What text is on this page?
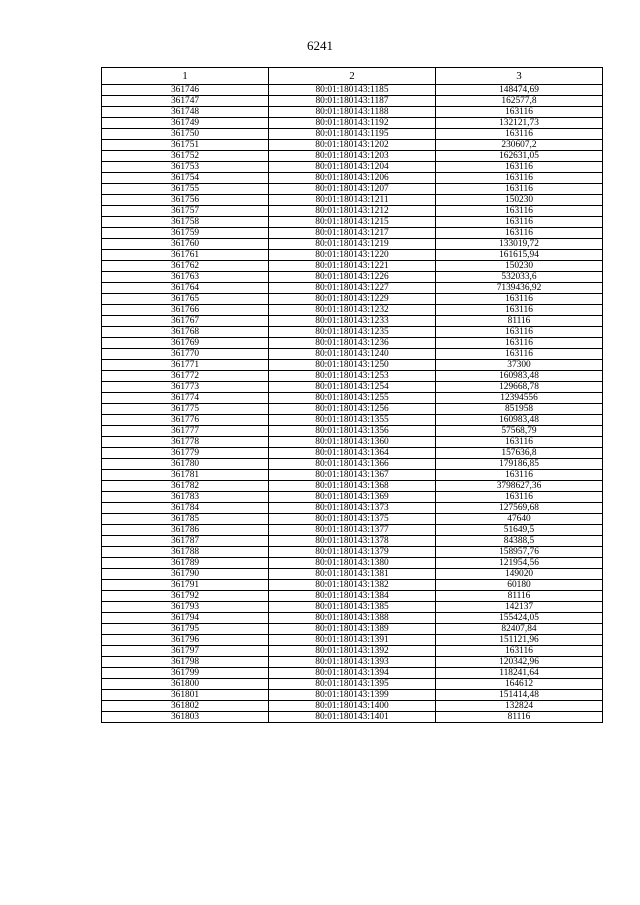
6241
1	2	3
361746	80:01:180143:1185	148474,69
361747	80:01:180143:1187	162577,8
361748	80:01:180143:1188	163116
361749	80:01:180143:1192	132121,73
361750	80:01:180143:1195	163116
361751	80:01:180143:1202	230607,2
361752	80:01:180143:1203	162631,05
361753	80:01:180143:1204	163116
361754	80:01:180143:1206	163116
361755	80:01:180143:1207	163116
361756	80:01:180143:1211	150230
361757	80:01:180143:1212	163116
361758	80:01:180143:1215	163116
361759	80:01:180143:1217	163116
361760	80:01:180143:1219	133019,72
361761	80:01:180143:1220	161615,94
361762	80:01:180143:1221	150230
361763	80:01:180143:1226	532033,6
361764	80:01:180143:1227	7139436,92
361765	80:01:180143:1229	163116
361766	80:01:180143:1232	163116
361767	80:01:180143:1233	81116
361768	80:01:180143:1235	163116
361769	80:01:180143:1236	163116
361770	80:01:180143:1240	163116
361771	80:01:180143:1250	37300
361772	80:01:180143:1253	160983,48
361773	80:01:180143:1254	129668,78
361774	80:01:180143:1255	12394556
361775	80:01:180143:1256	851958
361776	80:01:180143:1355	160983,48
361777	80:01:180143:1356	57568,79
361778	80:01:180143:1360	163116
361779	80:01:180143:1364	157636,8
361780	80:01:180143:1366	179186,85
361781	80:01:180143:1367	163116
361782	80:01:180143:1368	3798627,36
361783	80:01:180143:1369	163116
361784	80:01:180143:1373	127569,68
361785	80:01:180143:1375	47640
361786	80:01:180143:1377	51649,5
361787	80:01:180143:1378	84388,5
361788	80:01:180143:1379	158957,76
361789	80:01:180143:1380	121954,56
361790	80:01:180143:1381	149020
361791	80:01:180143:1382	60180
361792	80:01:180143:1384	81116
361793	80:01:180143:1385	142137
361794	80:01:180143:1388	155424,05
361795	80:01:180143:1389	82407,84
361796	80:01:180143:1391	151121,96
361797	80:01:180143:1392	163116
361798	80:01:180143:1393	120342,96
361799	80:01:180143:1394	118241,64
361800	80:01:180143:1395	164612
361801	80:01:180143:1399	151414,48
361802	80:01:180143:1400	132824
361803	80:01:180143:1401	81116
